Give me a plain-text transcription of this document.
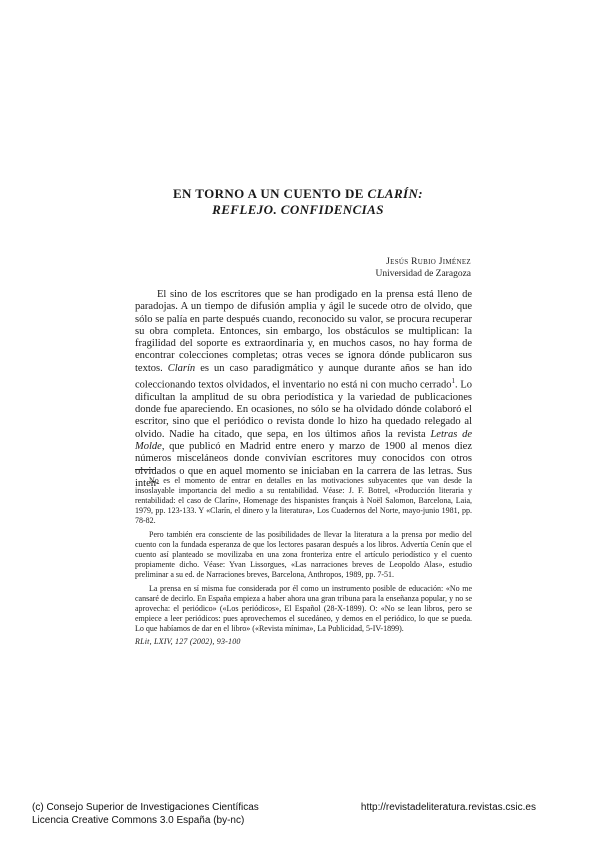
EN TORNO A UN CUENTO DE CLARÍN:
REFLEJO. CONFIDENCIAS
Jesús Rubio Jiménez
Universidad de Zaragoza

El sino de los escritores que se han prodigado en la prensa está lleno de paradojas. A un tiempo de difusión amplia y ágil le sucede otro de olvido, que sólo se palía en parte después cuando, reconocido su valor, se procura recuperar su obra completa. Entonces, sin embargo, los obstáculos se multiplican: la fragilidad del soporte es extraordinaria y, en muchos casos, no hay forma de encontrar colecciones completas; otras veces se ignora dónde publicaron sus textos. Clarín es un caso paradigmático y aunque durante años se han ido coleccionando textos olvidados, el inventario no está ni con mucho cerrado$^1$. Lo dificultan la amplitud de su obra periodística y la variedad de publicaciones donde fue apareciendo. En ocasiones, no sólo se ha olvidado dónde colaboró el escritor, sino que el periódico o revista donde lo hizo ha quedado relegado al olvido. Nadie ha citado, que sepa, en los últimos años la revista Letras de Molde, que publicó en Madrid entre enero y marzo de 1900 al menos diez números misceláneos donde convivían escritores muy conocidos con otros olvidados o que en aquel momento se iniciaban en la carrera de las letras. Sus inten-

No es el momento de entrar en detalles en las motivaciones subyacentes que van desde la insoslayable importancia del medio a su rentabilidad. Véase: J. F. Botrel, «Producción literaria y rentabilidad: el caso de Clarín», Homenage des hispanistes français à Noël Salomon, Barcelona, Laia, 1979, pp. 123-133. Y «Clarín, el dinero y la literatura», Los Cuadernos del Norte, mayo-junio 1981, pp. 78-82.

Pero también era consciente de las posibilidades de llevar la literatura a la prensa por medio del cuento con la fundada esperanza de que los lectores pasaran después a los libros. Advertía Cenín que el cuento así planteado se movilizaba en una zona fronteriza entre el artículo periodístico y el cuento propiamente dicho. Véase: Yvan Lissorgues, «Las narraciones breves de Leopoldo Alas», estudio preliminar a su ed. de Narraciones breves, Barcelona, Anthropos, 1989, pp. 7-51.

La prensa en sí misma fue considerada por él como un instrumento posible de educación: «No me cansaré de decirlo. En España empieza a haber ahora una gran tribuna para la enseñanza popular, y no se aprovecha: el periódico» («Los periódicos», El Español (28-X-1899). O: «No se lean libros, pero se empiece a leer periódicos: pues aprovechemos el sucedáneo, y demos en el periódico, lo que se pueda. Lo que habíamos de dar en el libro» («Revista mínima», La Publicidad, 5-IV-1899).

RLit, LXIV, 127 (2002), 93-100
(c) Consejo Superior de Investigaciones Científicas
Licencia Creative Commons 3.0 España (by-nc)
http://revistadeliteratura.revistas.csic.es
